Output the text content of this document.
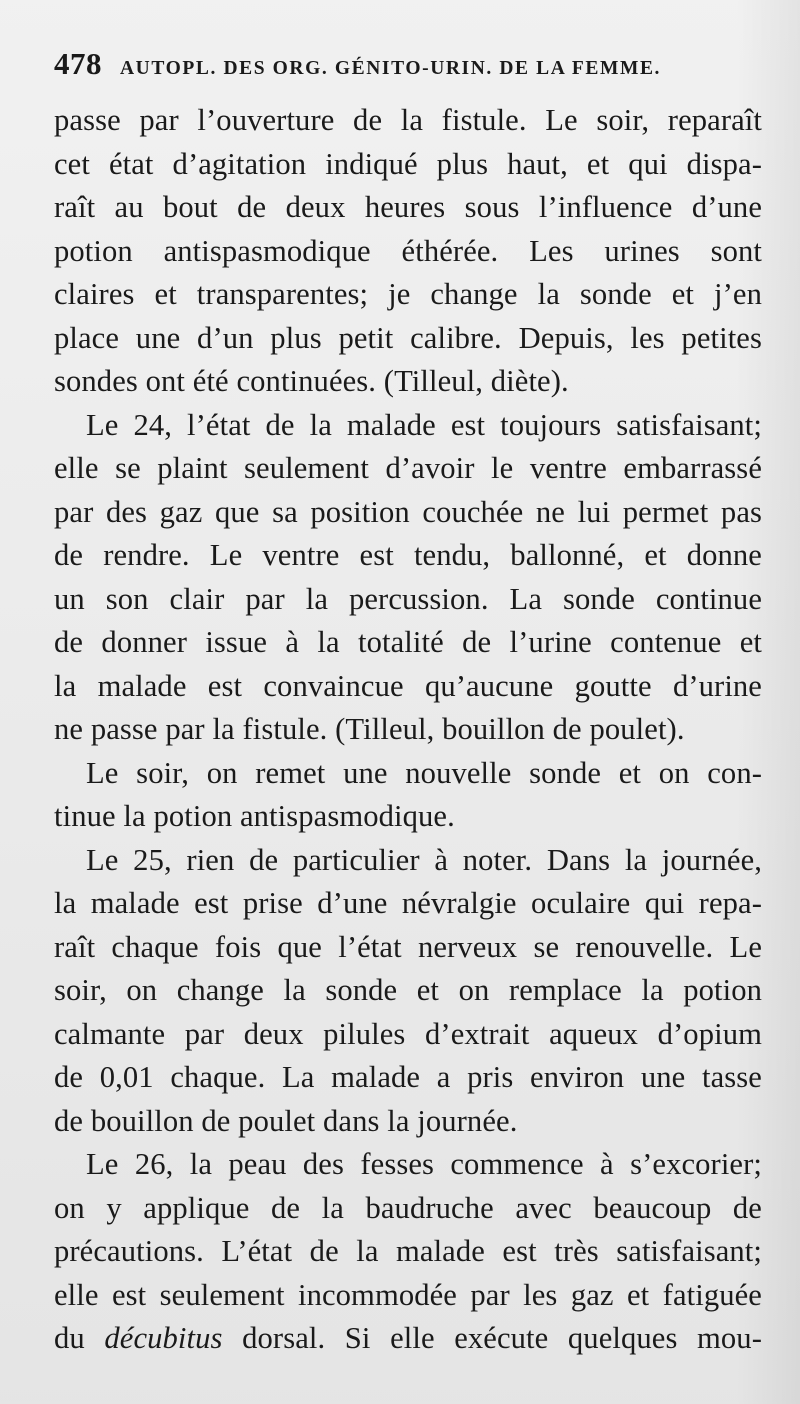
478 AUTOPL. DES ORG. GÉNITO-URIN. DE LA FEMME.
passe par l’ouverture de la fistule. Le soir, reparaît
cet état d’agitation indiqué plus haut, et qui dispa-
raît au bout de deux heures sous l’influence d’une
potion antispasmodique éthérée. Les urines sont
claires et transparentes; je change la sonde et j’en
place une d’un plus petit calibre. Depuis, les petites
sondes ont été continuées. (Tilleul, diète).
Le 24, l’état de la malade est toujours satisfaisant;
elle se plaint seulement d’avoir le ventre embarrassé
par des gaz que sa position couchée ne lui permet pas
de rendre. Le ventre est tendu, ballonné, et donne
un son clair par la percussion. La sonde continue
de donner issue à la totalité de l’urine contenue et
la malade est convaincue qu’aucune goutte d’urine
ne passe par la fistule. (Tilleul, bouillon de poulet).
Le soir, on remet une nouvelle sonde et on con-
tinue la potion antispasmodique.
Le 25, rien de particulier à noter. Dans la journée,
la malade est prise d’une névralgie oculaire qui repa-
raît chaque fois que l’état nerveux se renouvelle. Le
soir, on change la sonde et on remplace la potion
calmante par deux pilules d’extrait aqueux d’opium
de 0,01 chaque. La malade a pris environ une tasse
de bouillon de poulet dans la journée.
Le 26, la peau des fesses commence à s’excorier;
on y applique de la baudruche avec beaucoup de
précautions. L’état de la malade est très satisfaisant;
elle est seulement incommodée par les gaz et fatiguée
du décubitus dorsal. Si elle exécute quelques mou-
